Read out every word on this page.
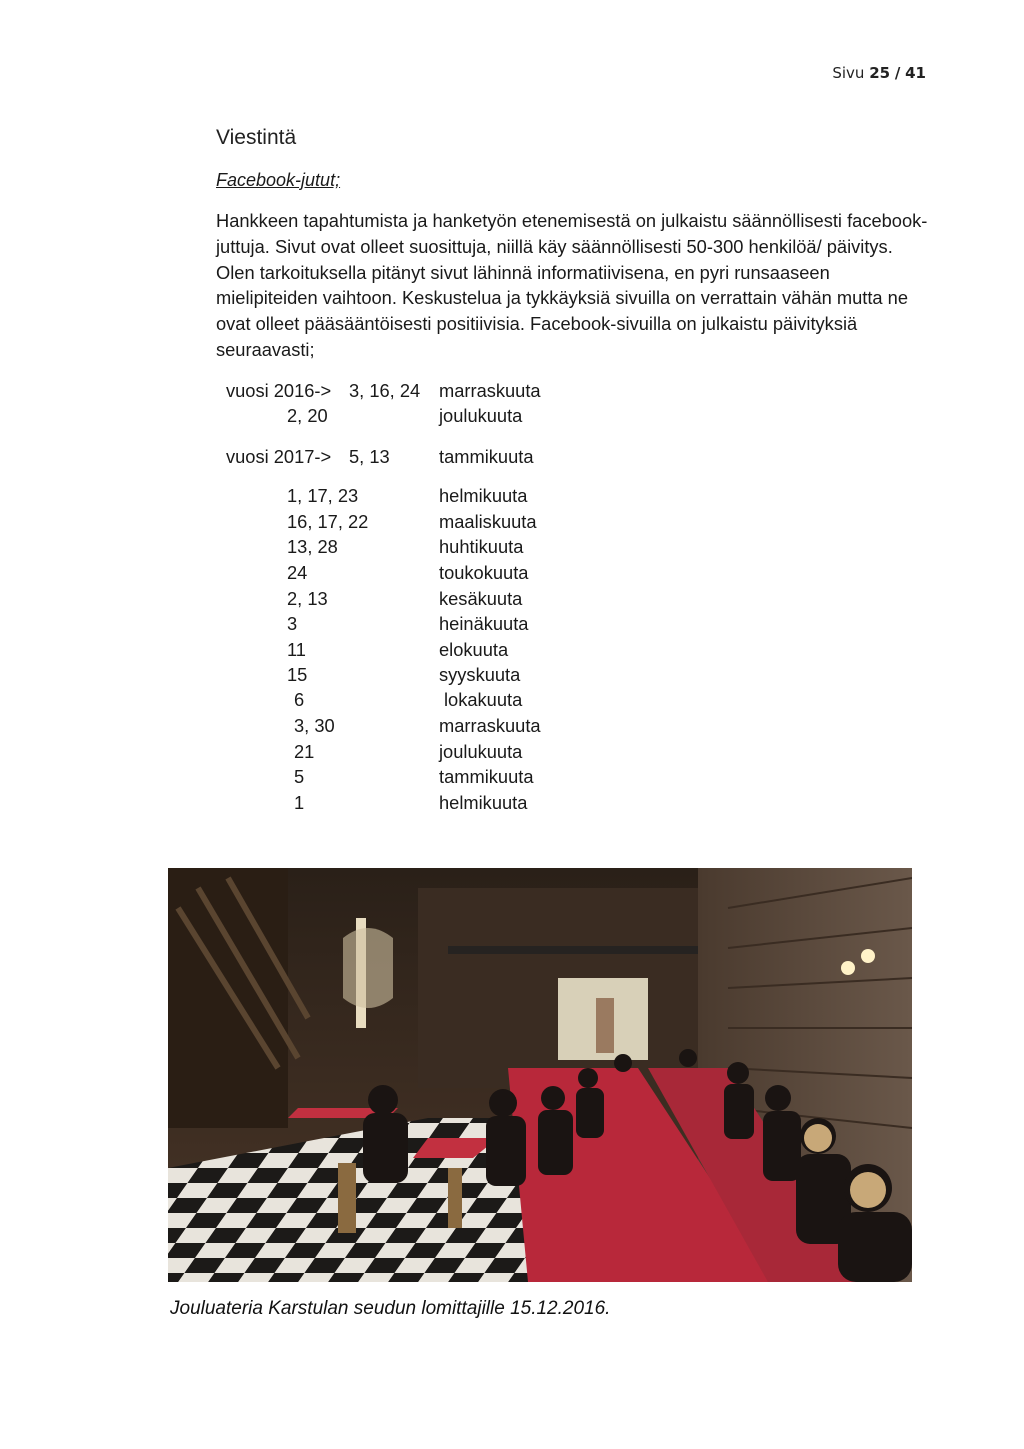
Sivu 25 / 41
Viestintä
Facebook-jutut;

Hankkeen tapahtumista ja hanketyön etenemisestä on julkaistu säännöllisesti facebook-juttuja. Sivut ovat olleet suosittuja, niillä käy säännöllisesti 50-300 henkilöä/ päivitys. Olen tarkoituksella pitänyt sivut lähinnä informatiivisena, en pyri runsaaseen mielipiteiden vaihtoon. Keskustelua ja tykkäyksiä sivuilla on verrattain vähän mutta ne ovat olleet pääsääntöisesti positiivisia. Facebook-sivuilla on julkaistu päivityksiä seuraavasti;

vuosi 2016-> 3, 16, 24 marraskuuta
2, 20	joulukuuta
vuosi 2017-> 5, 13	tammikuuta
1, 17, 23	helmikuuta
16, 17, 22	maaliskuuta
13, 28	huhtikuuta
24	toukokuuta
2, 13	kesäkuuta
3	heinäkuuta
11	elokuuta
15	syyskuuta
6	lokakuuta
3, 30	marraskuuta
21	joulukuuta
5	tammikuuta
1	helmikuuta
Jouluateria Karstulan seudun lomittajille 15.12.2016.
